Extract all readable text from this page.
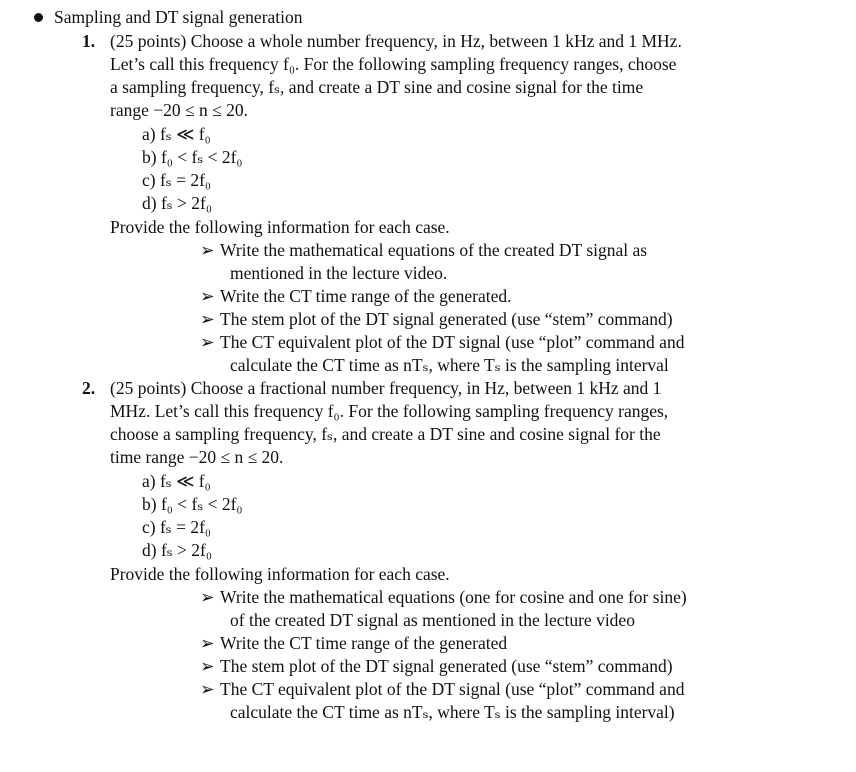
Sampling and DT signal generation
1. (25 points) Choose a whole number frequency, in Hz, between 1 kHz and 1 MHz.
Let’s call this frequency f₀. For the following sampling frequency ranges, choose
a sampling frequency, fₛ, and create a DT sine and cosine signal for the time
range −20 ≤ n ≤ 20.
a) fₛ ≪ f₀
b) f₀ < fₛ < 2f₀
c) fₛ = 2f₀
d) fₛ > 2f₀
Provide the following information for each case.
➢ Write the mathematical equations of the created DT signal as
mentioned in the lecture video.
➢ Write the CT time range of the generated.
➢ The stem plot of the DT signal generated (use “stem” command)
➢ The CT equivalent plot of the DT signal (use “plot” command and
calculate the CT time as nTₛ, where Tₛ is the sampling interval
2. (25 points) Choose a fractional number frequency, in Hz, between 1 kHz and 1
MHz. Let’s call this frequency f₀. For the following sampling frequency ranges,
choose a sampling frequency, fₛ, and create a DT sine and cosine signal for the
time range −20 ≤ n ≤ 20.
a) fₛ ≪ f₀
b) f₀ < fₛ < 2f₀
c) fₛ = 2f₀
d) fₛ > 2f₀
Provide the following information for each case.
➢ Write the mathematical equations (one for cosine and one for sine)
of the created DT signal as mentioned in the lecture video
➢ Write the CT time range of the generated
➢ The stem plot of the DT signal generated (use “stem” command)
➢ The CT equivalent plot of the DT signal (use “plot” command and
calculate the CT time as nTₛ, where Tₛ is the sampling interval)
